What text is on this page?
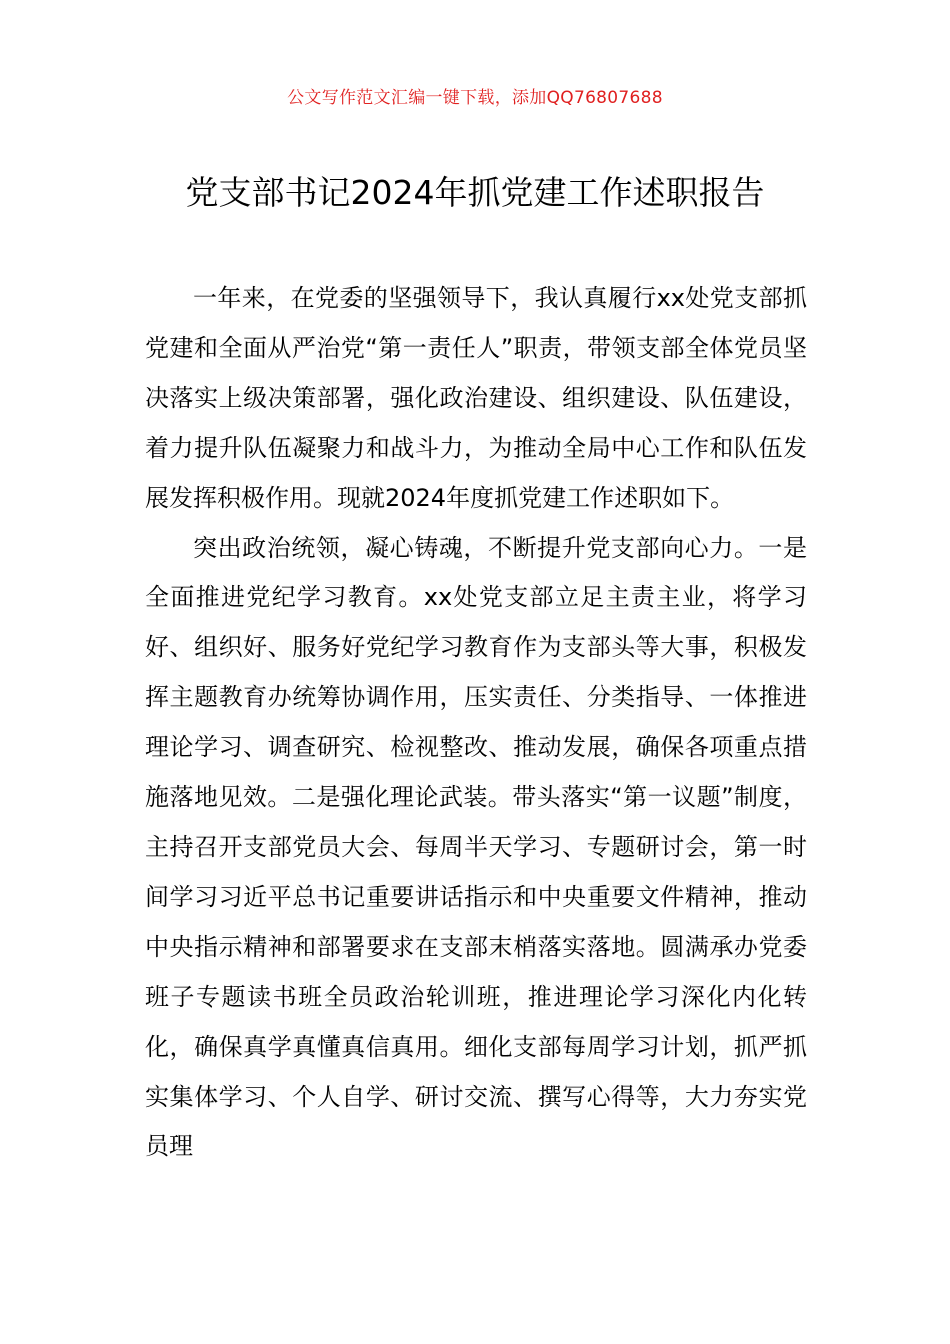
公文写作范文汇编一键下载，添加QQ76807688
党支部书记2024年抓党建工作述职报告

一年来，在党委的坚强领导下，我认真履行xx处党支部抓党建和全面从严治党“第一责任人”职责，带领支部全体党员坚决落实上级决策部署，强化政治建设、组织建设、队伍建设，着力提升队伍凝聚力和战斗力，为推动全局中心工作和队伍发展发挥积极作用。现就2024年度抓党建工作述职如下。

突出政治统领，凝心铸魂，不断提升党支部向心力。一是全面推进党纪学习教育。xx处党支部立足主责主业，将学习好、组织好、服务好党纪学习教育作为支部头等大事，积极发挥主题教育办统筹协调作用，压实责任、分类指导、一体推进理论学习、调查研究、检视整改、推动发展，确保各项重点措施落地见效。二是强化理论武装。带头落实“第一议题”制度，主持召开支部党员大会、每周半天学习、专题研讨会，第一时间学习习近平总书记重要讲话指示和中央重要文件精神，推动中央指示精神和部署要求在支部末梢落实落地。圆满承办党委班子专题读书班全员政治轮训班，推进理论学习深化内化转化，确保真学真懂真信真用。细化支部每周学习计划，抓严抓实集体学习、个人自学、研讨交流、撰写心得等，大力夯实党员理
